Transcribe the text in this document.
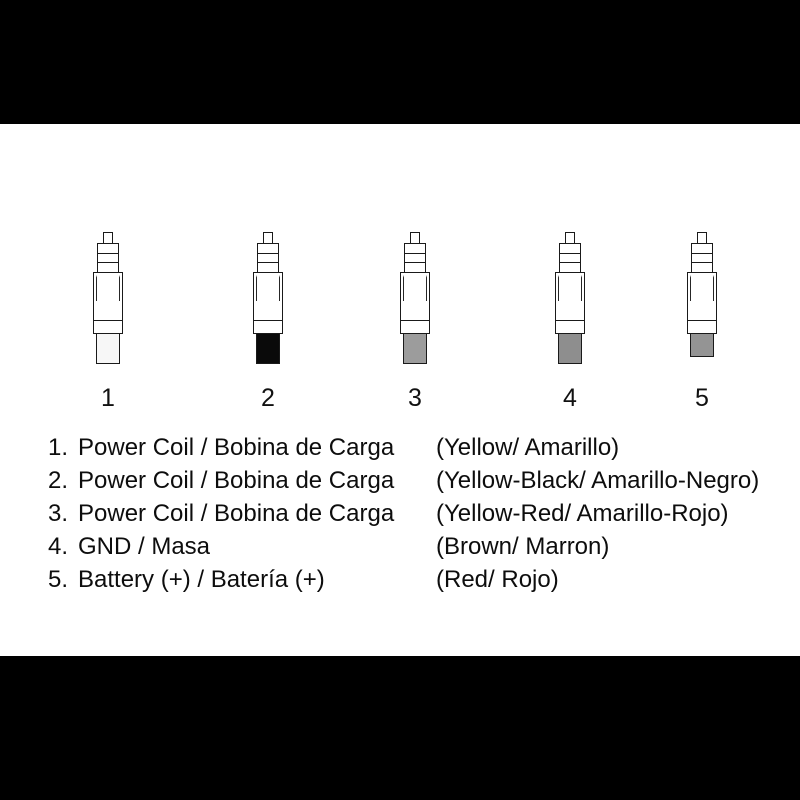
1	2	3	4	5
1. Power Coil / Bobina de Carga	(Yellow/ Amarillo)
2. Power Coil / Bobina de Carga	(Yellow-Black/ Amarillo-Negro)
3. Power Coil / Bobina de Carga	(Yellow-Red/ Amarillo-Rojo)
4. GND / Masa	(Brown/ Marron)
5. Battery (+) / Batería (+)	(Red/ Rojo)
